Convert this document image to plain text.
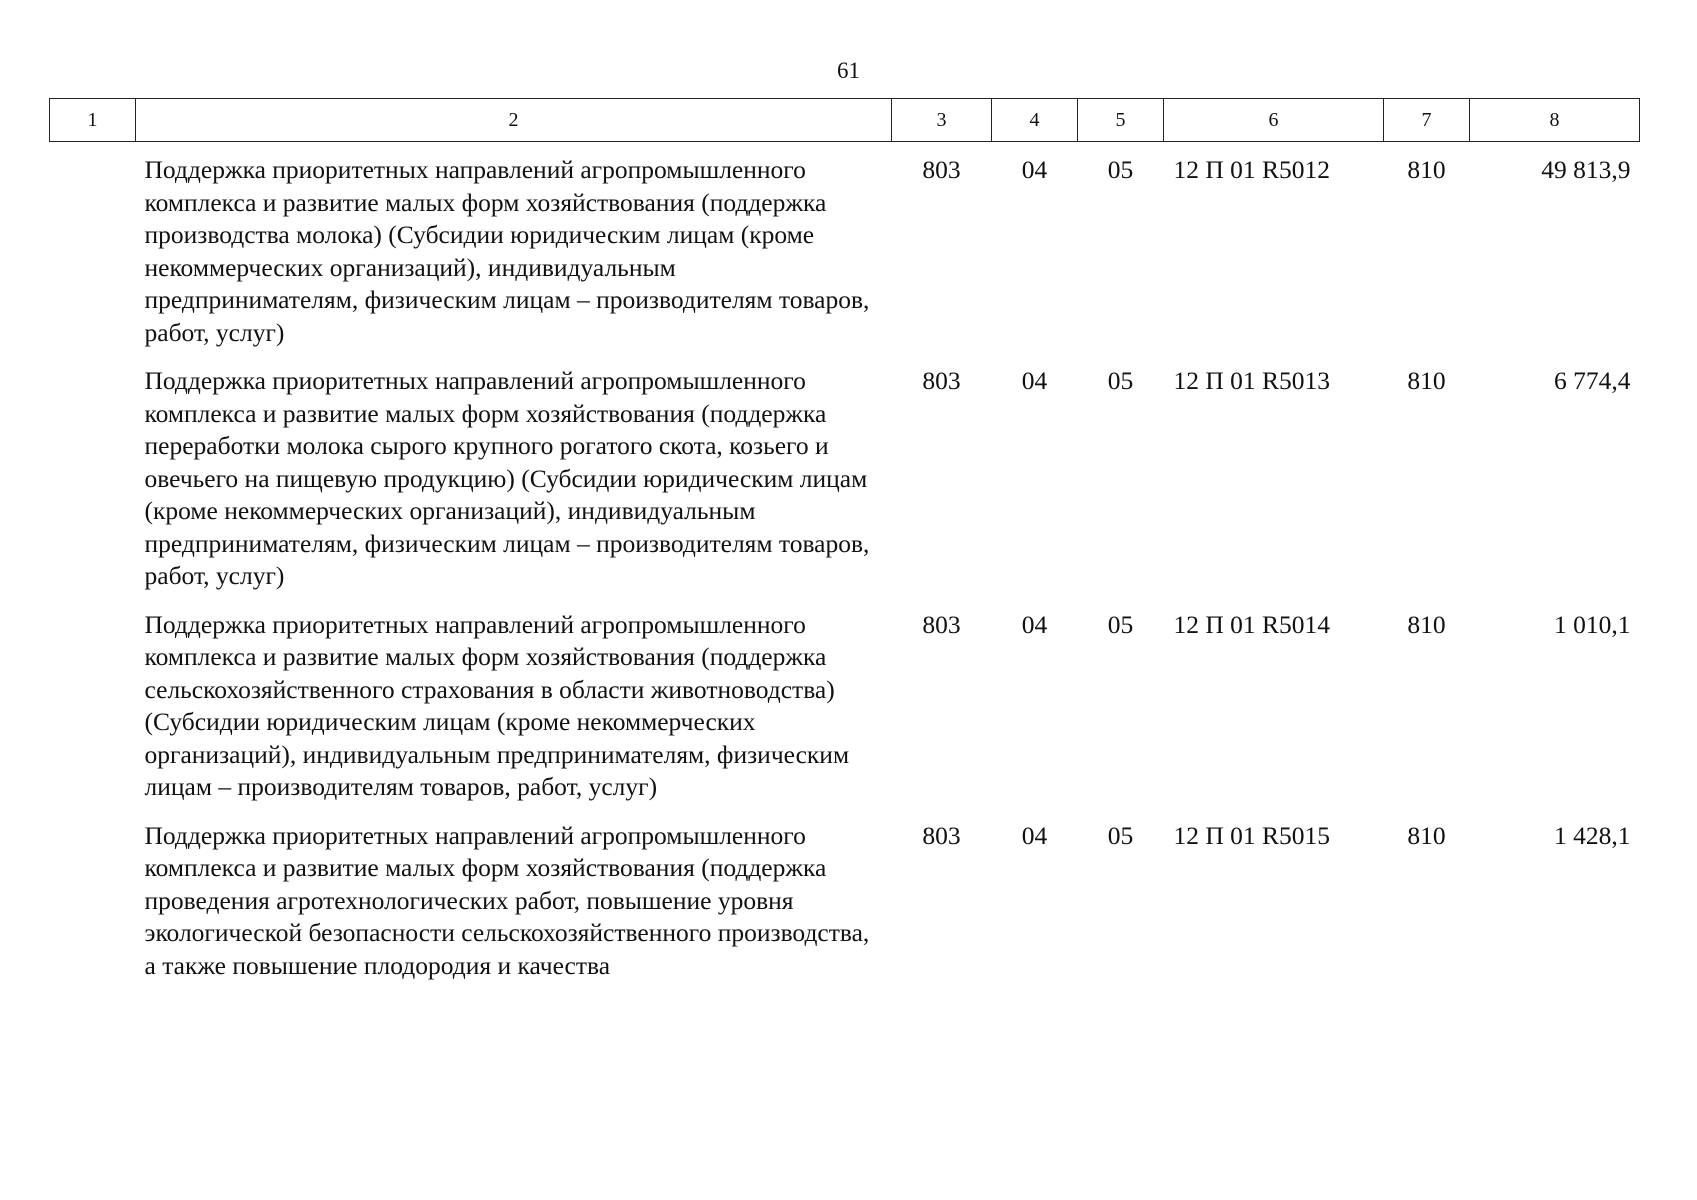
61
1	2	3	4	5	6	7	8
	Поддержка приоритетных направлений агропромышленного комплекса и развитие малых форм хозяйствования (поддержка производства молока) (Субсидии юридическим лицам (кроме некоммерческих организаций), индивидуальным предпринимателям, физическим лицам – производителям товаров, работ, услуг)	803	04	05	12 П 01 R5012	810	49 813,9
	Поддержка приоритетных направлений агропромышленного комплекса и развитие малых форм хозяйствования (поддержка переработки молока сырого крупного рогатого скота, козьего и овечьего на пищевую продукцию) (Субсидии юридическим лицам (кроме некоммерческих организаций), индивидуальным предпринимателям, физическим лицам – производителям товаров, работ, услуг)	803	04	05	12 П 01 R5013	810	6 774,4
	Поддержка приоритетных направлений агропромышленного комплекса и развитие малых форм хозяйствования (поддержка сельскохозяйственного страхования в области животноводства) (Субсидии юридическим лицам (кроме некоммерческих организаций), индивидуальным предпринимателям, физическим лицам – производителям товаров, работ, услуг)	803	04	05	12 П 01 R5014	810	1 010,1
	Поддержка приоритетных направлений агропромышленного комплекса и развитие малых форм хозяйствования (поддержка проведения агротехнологических работ, повышение уровня экологической безопасности сельскохозяйственного производства, а также повышение плодородия и качества	803	04	05	12 П 01 R5015	810	1 428,1
